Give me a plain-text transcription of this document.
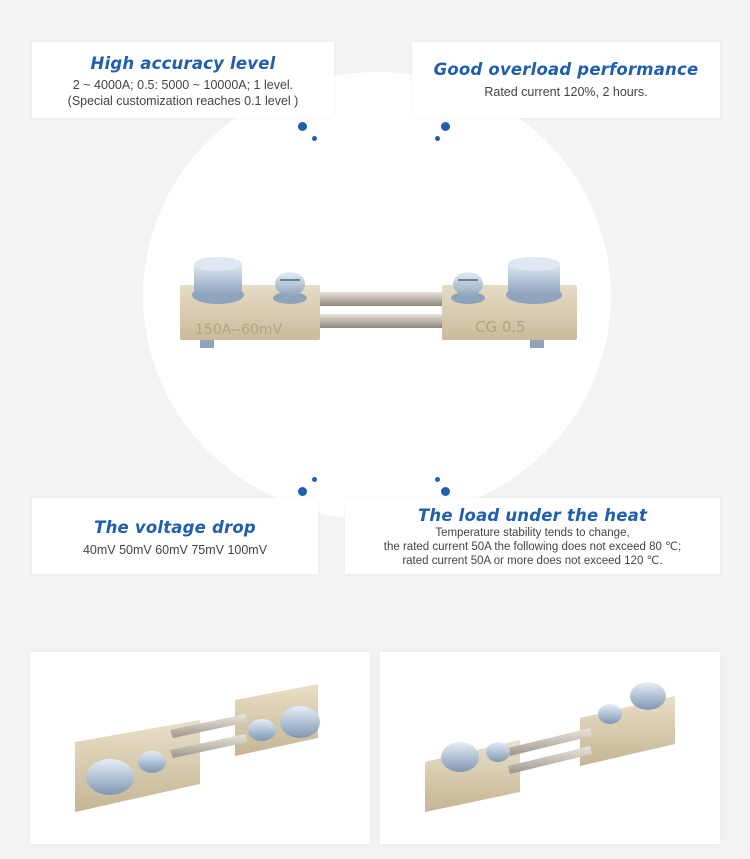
150A--60mV	CG 0.5
High accuracy level

2 ~ 4000A; 0.5: 5000 ~ 10000A; 1 level.

(Special customization reaches 0.1 level )

Good overload performance

Rated current 120%, 2 hours.

The voltage drop

40mV 50mV 60mV 75mV 100mV

The load under the heat

Temperature stability tends to change,

the rated current 50A the following does not exceed 80 ℃;

rated current 50A or more does not exceed 120 ℃.
